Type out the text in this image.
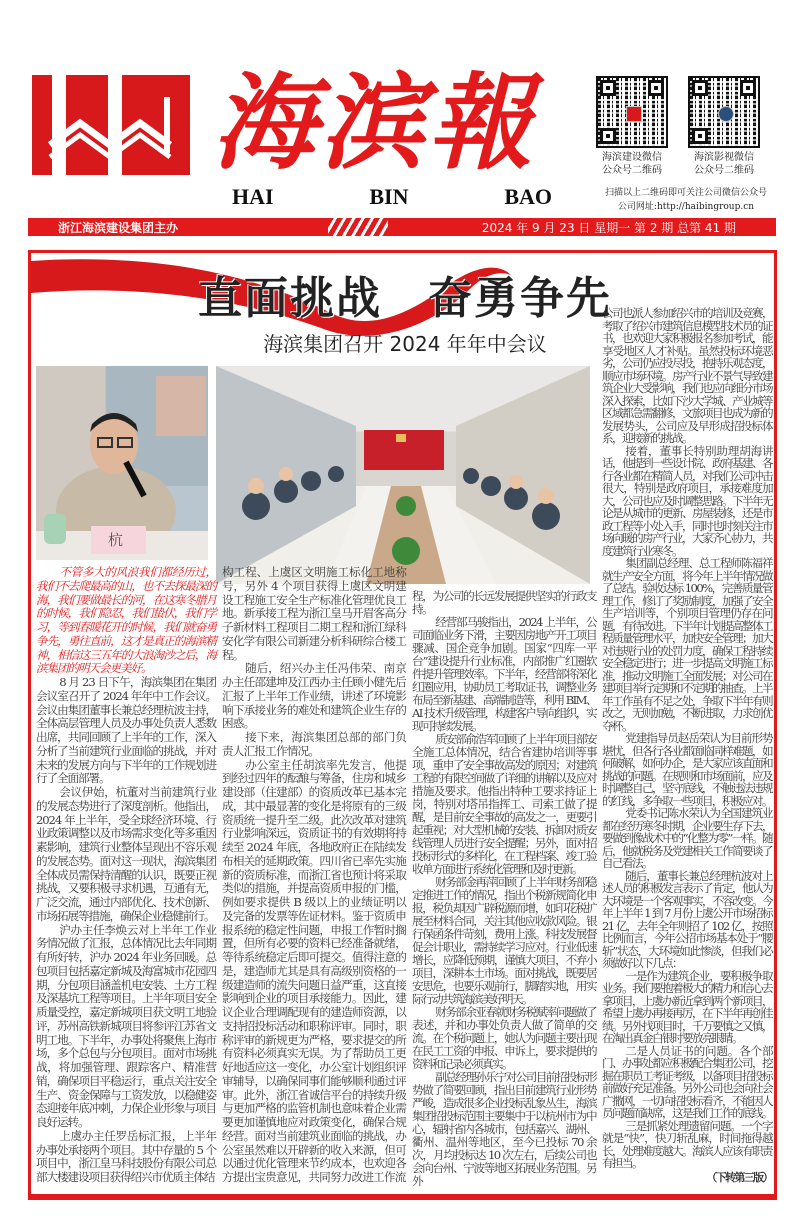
海滨報
HAI	BIN	BAO
海滨建设微信
公众号二维码
海滨影视微信
公众号二维码
扫描以上二维码即可关注公司微信公众号
公司网址:http://haibingroup.cn
浙江海滨建设集团主办	2024 年 9 月 23 日 星期一 第 2 期 总第 41 期
直面挑战　奋勇争先
海滨集团召开 2024 年年中会议
杭　

不管多大的风浪我们都经历过，我们不去爬最高的山，也不去探最深的海，我们要做最长的河，在这寒冬腊月的时候，我们隐忍，我们蛰伏，我们学习，等到春暖花开的时候，我们就奋勇争先，勇往直前，这才是真正的海滨精神，相信这三五年的大浪淘沙之后，海滨集团的明天会更美好。

8 月 23 日下午，海滨集团在集团会议室召开了 2024 年年中工作会议。会议由集团董事长兼总经理杭波主持，全体高层管理人员及办事处负责人悉数出席，共同回顾了上半年的工作，深入分析了当前建筑行业面临的挑战，并对未来的发展方向与下半年的工作规划进行了全面部署。

会议伊始，杭董对当前建筑行业的发展态势进行了深度剖析。他指出，2024 年上半年，受全球经济环境、行业政策调整以及市场需求变化等多重因素影响，建筑行业整体呈现出不容乐观的发展态势。面对这一现状，海滨集团全体成员需保持清醒的认识，既要正视挑战，又要积极寻求机遇，互通有无，广泛交流，通过内部优化、技术创新、市场拓展等措施，确保企业稳健前行。

沪办主任李焕云对上半年工作业务情况做了汇报，总体情况比去年同期有所好转，沪办 2024 年业务回暖。总包项目包括嘉定新城及海富城市花园四期，分包项目涵盖机电安装、土方工程及深基坑工程等项目。上半年项目安全质量受控，嘉定新城项目获文明工地验评，苏州高铁新城项目将参评江苏省文明工地。下半年，办事处将聚焦上海市场，多个总包与分包项目。面对市场挑战，将加强管理、跟踪客户、精准营销，确保项目平稳运行，重点关注安全生产、资金保障与工资发放，以稳健姿态迎接年底冲刺，力保企业形象与项目良好运转。

上虞办主任罗岳标汇报，上半年办事处承接两个项目。其中存量的 5 个项目中，浙江皇马科技股份有限公司总部大楼建设项目获得绍兴市优质主体结

构工程、上虞区文明施工标化工地称号，另外 4 个项目获得上虞区文明建设工程施工安全生产标准化管理优良工地。新承接工程为浙江皇马开眉客高分子新材料工程项目二期工程和浙江绿科安化学有限公司新建分析科研综合楼工程。

随后，绍兴办主任冯伟荣、南京办主任邵建坤及江西办主任顾小健先后汇报了上半年工作业绩，讲述了环境影响下承接业务的难处和建筑企业生存的困惑。

接下来，海滨集团总部的部门负责人汇报工作情况。

办公室主任胡滨率先发言，他提到经过四年的酝酿与筹备，住房和城乡建设部（住建部）的资质改革已基本完成，其中最显著的变化是将原有的三级资质统一提升至二级。此次改革对建筑行业影响深远，资质证书的有效期将持续至 2024 年底，各地政府正在陆续发布相关的延期政策。四川省已率先实施新的资质标准，而浙江省也预计将采取类似的措施，并提高资质申报的门槛，例如要求提供 B 级以上的业绩证明以及完备的发票等佐证材料。鉴于资质申报系统的稳定性问题，申报工作暂时搁置，但所有必要的资料已经准备就绪，等待系统稳定后即可提交。值得注意的是，建造师尤其是具有高级别资格的一级建造师的流失问题日益严重，这直接影响到企业的项目承接能力。因此，建议企业合理调配现有的建造师资源，以支持招投标活动和职称评审。同时，职称评审的新规更为严格，要求提交的所有资料必须真实无误。为了帮助员工更好地适应这一变化，办公室计划组织评审辅导，以确保同事们能够顺利通过评审。此外，浙江省诚信平台的持续升级与更加严格的监管机制也意味着企业需要更加谨慎地应对政策变化，确保合规经营。面对当前建筑业面临的挑战，办公室虽然难以开辟新的收入来源，但可以通过优化管理来节约成本，也欢迎各方提出宝贵意见，共同努力改进工作流

程，为公司的长远发展提供坚实的行政支持。

经营部马骏指出，2024 上半年，公司面临业务下滑，主要因房地产开工项目骤减、国企竞争加剧。国家“四库一平台”建设提升行业标准，内部推广红圈软件提升管理效率。下半年，经营部将深化红圈应用，协助员工考取证书，调整业务布局至新基建、高端制造等，利用 BIM、AI 技术升级管理，构建客户导向组织，实现可持续发展。

质安部俞浩军回顾了上半年项目部安全施工总体情况，结合省建协培训等事项，重申了安全事故高发的原因；对建筑工程的有限空间做了详细的讲解以及应对措施及要求。他指出特种工要求持证上岗，特别对塔吊指挥工、司索工做了提醒，是目前安全事故的高发之一，更要引起重视；对大型机械的安装、拆卸对质安线管理人员进行安全提醒；另外，面对招投标形式的多样化，在工程档案、竣工验收单方面进行系统化管理和及时更新。

财务部金再萍回顾了上半年财务部稳定推进工作的情况，指出个税新规简化申报，税负却因广辟税源而增，如印花税扩展至材料合同，关注其他应收款风险。银行保函条件苛刻，费用上涨。科技发展督促会计职业，需持续学习应对。行业低速增长，应降低预期，谨慎大项目，不弃小项目，深耕本土市场。面对挑战，既要居安思危，也要乐观前行，脚踏实地，用实际行动共筑海滨美好明天。

财务部余亚春就财务税赋率问题做了表述，并和办事处负责人做了简单的交流。在个税问题上，她认为问题主要出现在民工工资的申报、申诉上，要求提供的资料和记录必须真实。

副总经理孙乐宁对公司目前招投标形势做了简要回顾，指出目前建筑行业形势严峻，造成很多企业投标乱象丛生，海滨集团招投标范围主要集中于以杭州市为中心，辐射省内各城市，包括嘉兴、湖州、衢州、温州等地区，至今已投标 70 余次，月均投标达 10 次左右，后续公司也会向台州、宁波等地区拓展业务范围。另外

公司也派人参加绍兴市的培训及竞赛，考取了绍兴市建筑信息模型技术员的证书，也欢迎大家积极报名参加考试，能享受地区人才补贴。虽然投标环境恶劣，公司仍应投尽投，抱持乐观态度，顺应市场环境。房产行业不景气导致建筑企业大受影响，我们也应向细分市场深入探索，比如下沙大学城、产业城等区域都急需翻修，文旅项目也成为新的发展势头，公司应及早形成招投标体系，迎接新的挑战。

接着，董事长特别助理胡海讲话，他提到一些设计院、政府基建、各行各业都在精简人员，对我们公司冲击很大，特别是政府项目，承接难度加大，公司也应及时调整思路。下半年无论是从城市的更新、房屋装修，还是市政工程等小处入手，同时也时刻关注市场向暖的房产行业，大家齐心协力，共度建筑行业寒冬。

集团副总经理、总工程师陈福祥就生产安全方面，将今年上半年情况做了总结。验收达标 100%，完善质量管理工作，修订了奖励制度，加强了安全生产培训等，个别项目管理仍存在问题，有待改进。下半年计划提高整体工程质量管理水平，加快安全管理；加大对违规行业的处罚力度，确保工程持续安全稳定进行；进一步提高文明施工标准，推动文明施工全面发展；对公司在建项目举行定期和不定期的抽查。上半年工作虽有不足之处，争取下半年有则改之，无则加勉，不断进取，力求创优夺杯。

党建指导员赵岳荣认为目前形势堪忧，但各行各业都面临同样难题，如何破解，如何办企，是大家应该直面和挑战的问题。在规则和市场面前，应及时调整自己，坚守底线，不触违法违规的红线，多争取一些项目，积极应对。

党委书记陈水荣认为全国建筑业都在经历寒冬时期，企业要生存下去，要做到像战术中的“化整为零”一样。随后，他就税务及党建相关工作简要谈了自己看法。

随后，董事长兼总经理杭波对上述人员的积极发言表示了肯定，他认为大环境是一个客观事实，不容改变。今年上半年 1 到 7 月份上虞公开市场招标 21 亿，去年全年则招了 102 亿，按照比例而言，今年公招市场基本处于“腰斩”状态，大环境如此惨淡，但我们必须做好以下几点：

一是作为建筑企业，要积极争取业务。我们要抱着极大的精力和信心去拿项目，上虞办新近拿到两个新项目，希望上虞办再接再厉，在下半年再创佳绩。另外找项目时，千万要慎之又慎，在淘出真金白银时要放亮眼睛。

二是人员证书的问题。各个部门、办事处都应积极配合集团公司，挖掘在职员工考证考级，以备项目招投标前做好充足准备。另外公司也会向社会广撒网，一切向招投标看齐，不能因人员问题而缺席，这是我们工作的底线。

三是抓紧处理遗留问题。一个字就是“快”，快刀斩乱麻，时间拖得越长，处理难度越大。海滨人应该有职责有担当。

（下转第三版）
